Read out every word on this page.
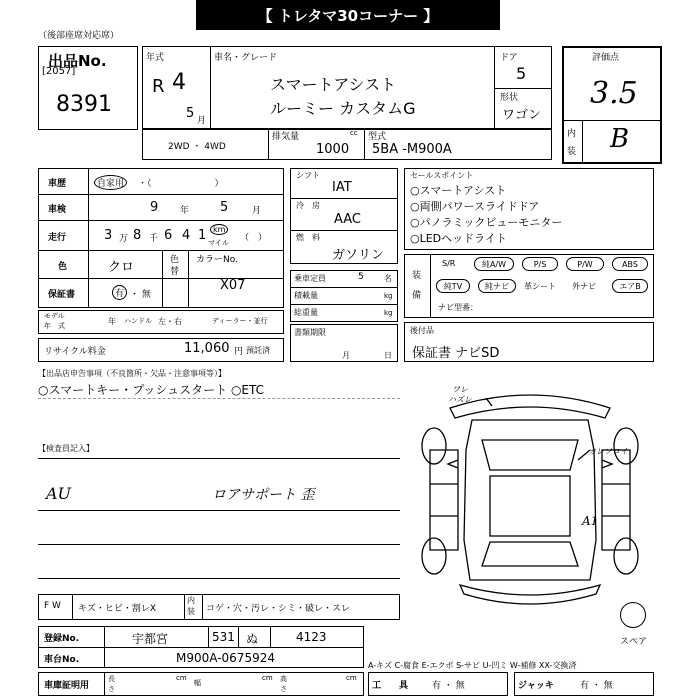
【 トレタマ30コーナー 】
（後部座席対応席）
出品No.
[2057]
8391
年式
R 4
5 月
車名・グレード
スマートアシスト
ルーミー カスタムG
ドア
5
形状
ワゴン
評価点
3.5
内
装 B
2WD ・ 4WD
排気量	cc
1000
型式
5BA -M900A
車歴	自家用	・（　　　　　　　）
車検	9 年 5	月
走行	3 万 8 千 6 4 1 km
マイル （　）
色	クロ	色
替
カラーNo.
X07
保証書	有 ・ 無
モデル
年　式	年 ハンドル 左・右	ディーラー・並行
リサイクル料金	11,060 円 預託済
シフト
IAT
冷　房
AAC
燃　料
ガソリン
乗車定員	5	名
積載量	kg
総重量	kg
書類期限
月	日
セールスポイント
○スマートアシスト
○両側パワースライドドア
○パノラミックビューモニター
○LEDヘッドライト
装
備
S/R	純A/W	P/S	P/W	ABS
純TV	純ナビ	革シート 外ナビ	エアB
ナビ型番：
後付品
保証書 ナビSD
【出品店申告事項（不良箇所・欠品・注意事項等）】
○スマートキー・プッシュスタート ○ETC
【検査員記入】
AU	ロアサポート 歪
ワレ
ハズレ
カレソロイ
A1
スペア
F W キズ・ヒビ・割レX
内
装 コゲ・穴・汚レ・シミ・破レ・スレ
登録No.	宇都宮	531 ぬ	4123
車台No.	M900A-0675924
A-キズ C-腐食 E-エクボ S-サビ U-凹ミ W-補修 XX-交換済
車庫証明用
長さ
cm
幅
cm 高さ
cm
工　　具	有 ・ 無	ジャッキ	有 ・ 無
